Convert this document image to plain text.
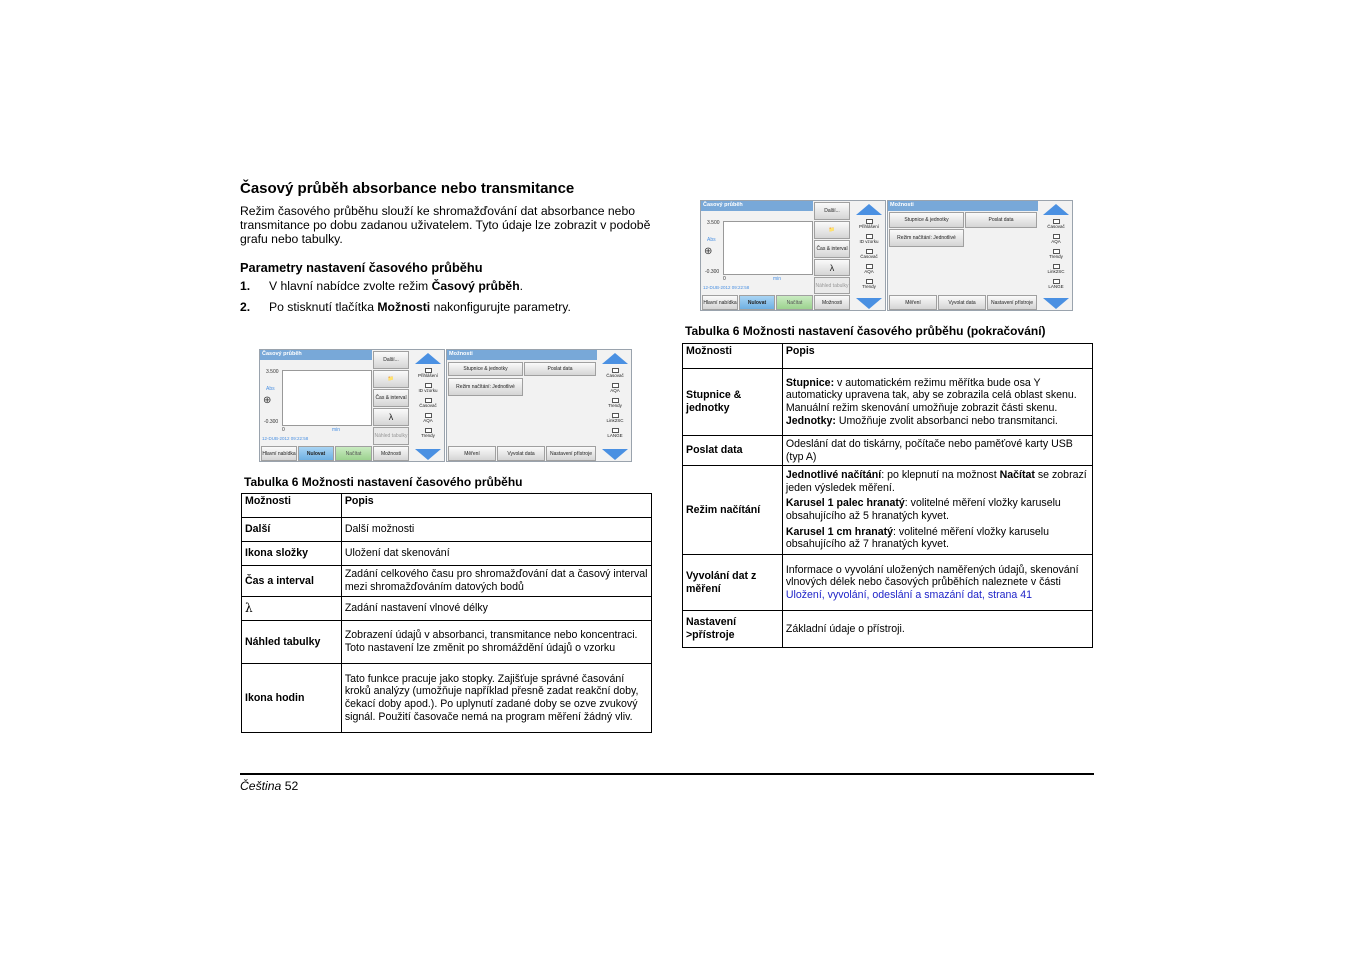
Časový průběh absorbance nebo transmitance
Režim časového průběhu slouží ke shromažďování dat absorbance nebo transmitance po dobu zadanou uživatelem. Tyto údaje lze zobrazit v podobě grafu nebo tabulky.
Parametry nastavení časového průběhu
1. V hlavní nabídce zvolte režim Časový průběh.
2. Po stisknutí tlačítka Možnosti nakonfigurujte parametry.
Časový průběh
3.500
Abs
⊕
-0.300
0	min
12-DUB-2012 09:22:58
Další...
📁
Čas & interval
λ
Náhled tabulky
Hlavní nabídka	Nulovat	Načítat	Možnosti
Přihlášení
ID vzorku
Časovač
AQA
Trendy
Možnosti
Stupnice & jednotky	Poslat data
Režim načítání: Jednotlivé
Měření	Vyvolat data	Nastavení přístroje
Časovač
AQA
Trendy
Link2SC
LANGE
Časový průběh
3.500
Abs
⊕
-0.300
0	min
12-DUB-2012 09:22:58
Další...
📁
Čas & interval
λ
Náhled tabulky
Hlavní nabídka	Nulovat	Načítat	Možnosti
Přihlášení
ID vzorku
Časovač
AQA
Trendy
Možnosti
Stupnice & jednotky	Poslat data
Režim načítání: Jednotlivé
Měření	Vyvolat data	Nastavení přístroje
Časovač
AQA
Trendy
Link2SC
LANGE
Tabulka 6 Možnosti nastavení časového průběhu
Možnosti	Popis
Další	Další možnosti
Ikona složky	Uložení dat skenování
Čas a interval	Zadání celkového času pro shromažďování dat a časový interval mezi shromažďováním datových bodů
λ	Zadání nastavení vlnové délky
Náhled tabulky	Zobrazení údajů v absorbanci, transmitance nebo koncentraci. Toto nastavení lze změnit po shromáždění údajů o vzorku
Ikona hodin	Tato funkce pracuje jako stopky. Zajišťuje správné časování kroků analýzy (umožňuje například přesně zadat reakční doby, čekací doby apod.). Po uplynutí zadané doby se ozve zvukový signál. Použití časovače nemá na program měření žádný vliv.
Tabulka 6 Možnosti nastavení časového průběhu (pokračování)
Možnosti	Popis
Stupnice & jednotky	Stupnice: v automatickém režimu měřítka bude osa Y automaticky upravena tak, aby se zobrazila celá oblast skenu.
Manuální režim skenování umožňuje zobrazit části skenu.
Jednotky: Umožňuje zvolit absorbanci nebo transmitanci.
Poslat data	Odeslání dat do tiskárny, počítače nebo paměťové karty USB (typ A)
Režim načítání	Jednotlivé načítání: po klepnutí na možnost Načítat se zobrazí jeden výsledek měření.

Karusel 1 palec hranatý: volitelné měření vložky karuselu obsahujícího až 5 hranatých kyvet.

Karusel 1 cm hranatý: volitelné měření vložky karuselu obsahujícího až 7 hranatých kyvet.

Vyvolání dat z měření	Informace o vyvolání uložených naměřených údajů, skenování vlnových délek nebo časových průběhích naleznete v části Uložení, vyvolání, odeslání a smazání dat, strana 41
Nastavení >přístroje	Základní údaje o přístroji.
Čeština 52
